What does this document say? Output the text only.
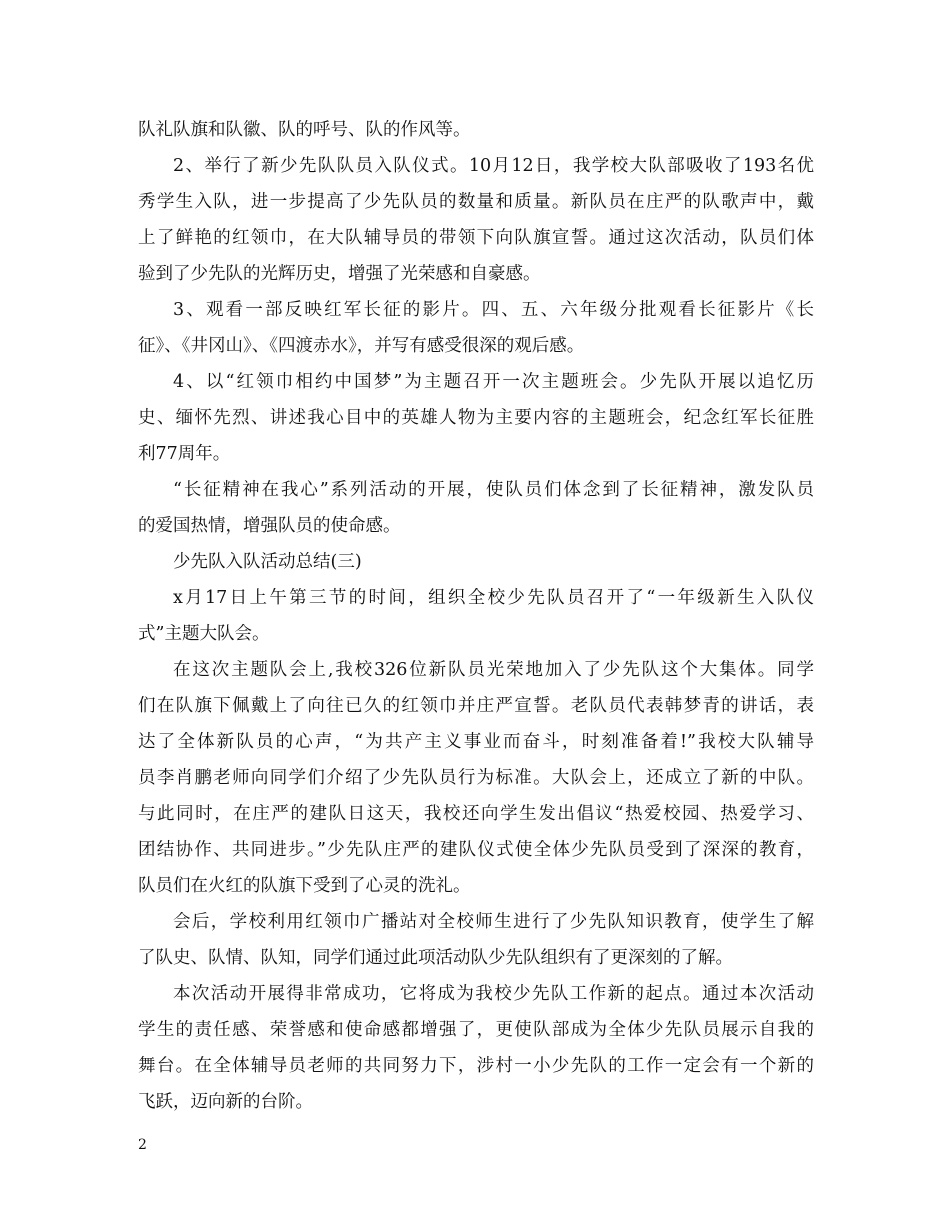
队礼队旗和队徽、队的呼号、队的作风等。
2、举行了新少先队队员入队仪式。10月12日，我学校大队部吸收了193名优
秀学生入队，进一步提高了少先队员的数量和质量。新队员在庄严的队歌声中，戴
上了鲜艳的红领巾，在大队辅导员的带领下向队旗宣誓。通过这次活动，队员们体
验到了少先队的光辉历史，增强了光荣感和自豪感。
3、观看一部反映红军长征的影片。四、五、六年级分批观看长征影片《长
征》、《井冈山》、《四渡赤水》，并写有感受很深的观后感。
4、以“红领巾相约中国梦”为主题召开一次主题班会。少先队开展以追忆历
史、缅怀先烈、讲述我心目中的英雄人物为主要内容的主题班会，纪念红军长征胜
利77周年。
“长征精神在我心”系列活动的开展，使队员们体念到了长征精神，激发队员
的爱国热情，增强队员的使命感。
少先队入队活动总结(三)
x月17日上午第三节的时间，组织全校少先队员召开了“一年级新生入队仪
式”主题大队会。
在这次主题队会上,我校326位新队员光荣地加入了少先队这个大集体。同学
们在队旗下佩戴上了向往已久的红领巾并庄严宣誓。老队员代表韩梦青的讲话，表
达了全体新队员的心声，“为共产主义事业而奋斗，时刻准备着!”我校大队辅导
员李肖鹏老师向同学们介绍了少先队员行为标准。大队会上，还成立了新的中队。
与此同时，在庄严的建队日这天，我校还向学生发出倡议“热爱校园、热爱学习、
团结协作、共同进步。”少先队庄严的建队仪式使全体少先队员受到了深深的教育，
队员们在火红的队旗下受到了心灵的洗礼。
会后，学校利用红领巾广播站对全校师生进行了少先队知识教育，使学生了解
了队史、队情、队知，同学们通过此项活动队少先队组织有了更深刻的了解。
本次活动开展得非常成功，它将成为我校少先队工作新的起点。通过本次活动
学生的责任感、荣誉感和使命感都增强了，更使队部成为全体少先队员展示自我的
舞台。在全体辅导员老师的共同努力下，涉村一小少先队的工作一定会有一个新的
飞跃，迈向新的台阶。
2
